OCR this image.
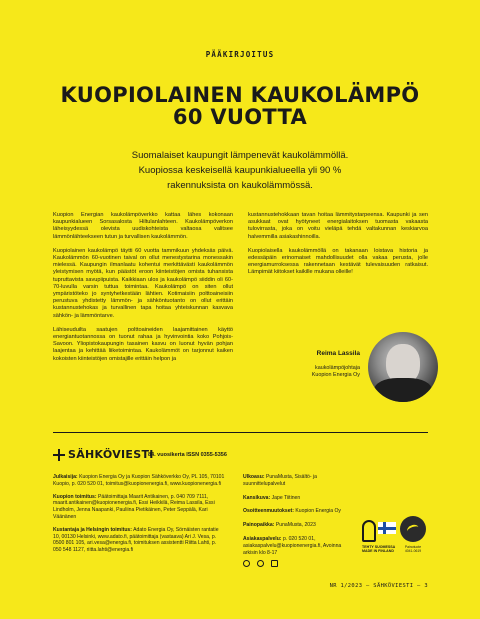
PÄÄKIRJOITUS
KUOPIOLAINEN KAUKOLÄMPÖ
60 VUOTTA
Suomalaiset kaupungit lämpenevät kaukolämmöllä.
Kuopiossa keskeisellä kaupunkialueella yli 90 %
rakennuksista on kaukolämmössä.

Kuopion Energian kaukolämpöverkko kattaa lähes kokonaan kaupunkialueen Sorsasalosta Hiltulanlahteen. Kaukolämpöverkon läheisyydessä olevista uudiskohteista valtaosa valitsee lämmönlähteekseen tutun ja turvallisen kaukolämmön.

Kuopiolainen kaukolämpö täytti 60 vuotta tammikuun yhdeksäs päivä. Kaukolämmön 60-vuotinen taival on ollut menestystarina monessakin mielessä. Kaupungin ilmanlaatu kohentui merkittävästi kaukolämmön yleistymisen myötä, kun päästöt eroon kiinteistöjen omista tuhansista tupruttavista savupiipuista. Kaikkiaan ulos ja kaukolämpö siiddin oli 60-70-luvulla varsin tuttua toimintaa. Kaukolämpö on siten ollut ympäristöteko jo syntyhetkestään lähtien. Kotimaisiin polttoaineisiin perustuva yhdistetty lämmön- ja sähköntuotanto on ollut erittäin kustannustehokas ja turvallinen tapa hoitaa yhteiskunnan kasvava sähkön- ja lämmöntarve.

Lähiseuduilta saatujen polttoaineiden laajamittainen käyttö energiantuotannossa on tuonut rahaa ja hyvinvointia koko Pohjois-Savoon. Yliopistokaupungin tasainen kasvu on luonut hyvän pohjan laajentaa ja kehittää liiketoimintaa. Kaukolämmöt on tarjonnut kaiken kokoisten kiinteistöjen omistajille erittäin helpon ja

kustannustehokkaan tavan hoitaa lämmitystarpeensa. Kaupunki ja sen asukkaat ovat hyötyneet energialaitoksen tuomasta vakaasta tulovirrasta, joka on voitu vieläpä tehdä valtakunnan keskiarvoa halvemmilla asiakashinnoilla.

Kuopiolaisella kaukolämmöllä on takanaan loistava historia ja edessäpäin erinomaiset mahdollisuudet olla vakaa perusta, jolle energiamurroksessa rakennetaan kestävät tulevaisuuden ratkaisut. Lämpimät kiitokset kaikille mukana olleille!

Reima Lassila
kaukolämpöjohtaja
Kuopion Energia Oy
SÄHKÖVIESTI
84. vuosikerta ISSN 0355-5356
Julkaisija: Kuopion Energia Oy ja Kuopion Sähköverkko Oy, PL 105, 70101 Kuopio, p. 020 520 01, toimitus@kuopionenergia.fi, www.kuopionenergia.fi
Kuopion toimitus: Päätoimittaja Maarit Antikainen, p. 040 709 7111, maarit.antikainen@kuopionenergia.fi, Essi Heikkilä, Reima Lassila, Essi Lindholm, Jenna Naapanki, Pauliina Pietikäinen, Peter Seppälä, Kari Väänänen
Kustantaja ja Helsingin toimitus: Adato Energia Oy, Sörnäisten rantatie 10, 00130 Helsinki, www.adato.fi, päätoimittaja (vastaava) Ari J. Vesa, p. 0500 801 105, ari.vesa@energia.fi, toimituksen assistentti Riitta Lahti, p. 050 548 1127, riitta.lahti@energia.fi
Ulkoasu: PunaMusta, Sisältö- ja suunnittelupalvelut
Kansikuva: Jape Tiitinen
Osoitteenmuutokset: Kuopion Energia Oy
Painopaikka: PunaMusta, 2023
Asiakaspalvelu: p. 020 520 01, asiakaspalvelu@kuopionenergia.fi, Avoinna arkisin klo 8-17
TEHTY SUOMESSA
MADE IN FINLAND
Painotuote
4041-0619
NR 1/2023 – SÄHKÖVIESTI – 3
